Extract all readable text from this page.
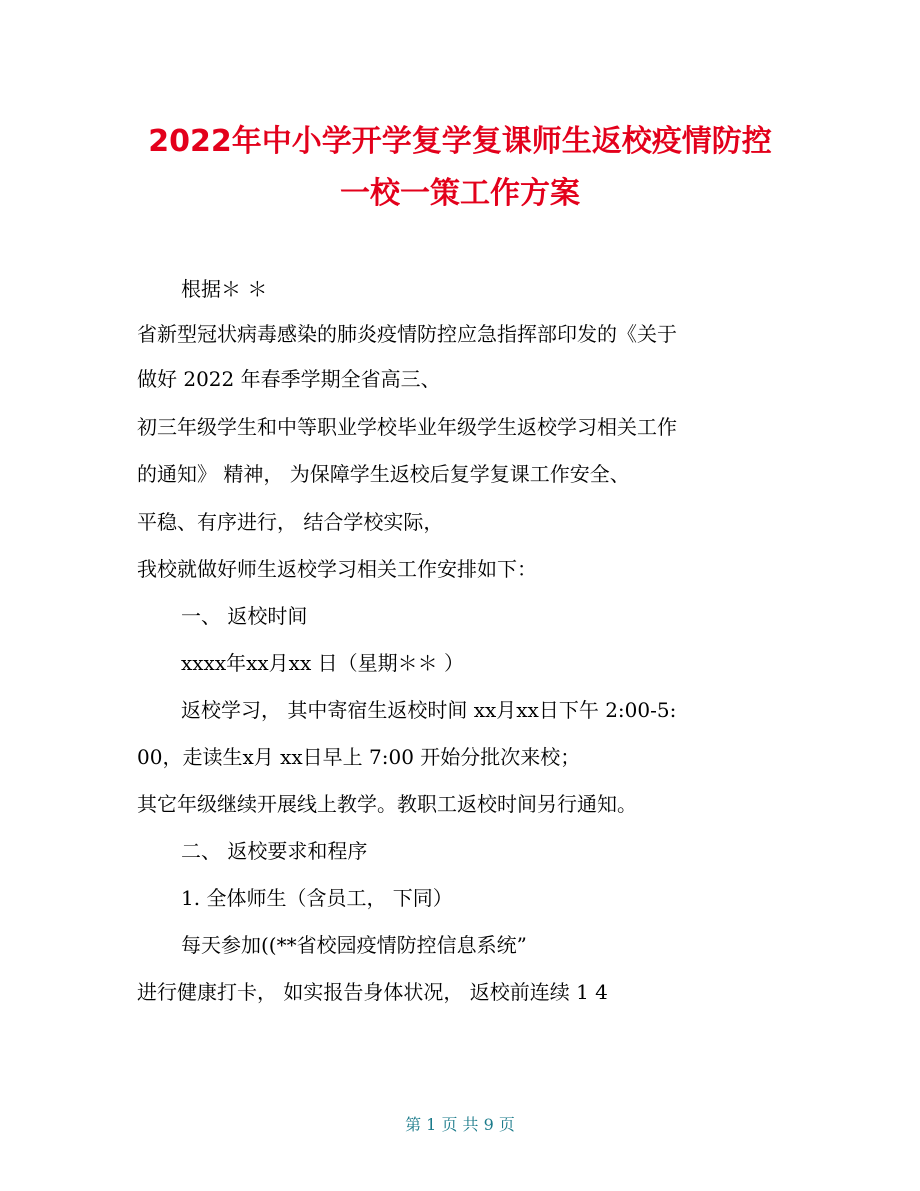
2022年中小学开学复学复课师生返校疫情防控
一校一策工作方案

根据＊ ＊

省新型冠状病毒感染的肺炎疫情防控应急指挥部印发的《关于

做好 2022 年春季学期全省高三、

初三年级学生和中等职业学校毕业年级学生返校学习相关工作

的通知》 精神， 为保障学生返校后复学复课工作安全、

平稳、有序进行， 结合学校实际，

我校就做好师生返校学习相关工作安排如下：

一、 返校时间

xxxx年xx月xx 日（星期＊＊ ）

返校学习， 其中寄宿生返校时间 xx月xx日下午 2:00-5:

00，走读生x月 xx日早上 7:00 开始分批次来校；

其它年级继续开展线上教学。教职工返校时间另行通知。

二、 返校要求和程序

1. 全体师生（含员工， 下同）

每天参加((**省校园疫情防控信息系统”

进行健康打卡， 如实报告身体状况， 返校前连续 1 4

第 1 页 共 9 页
